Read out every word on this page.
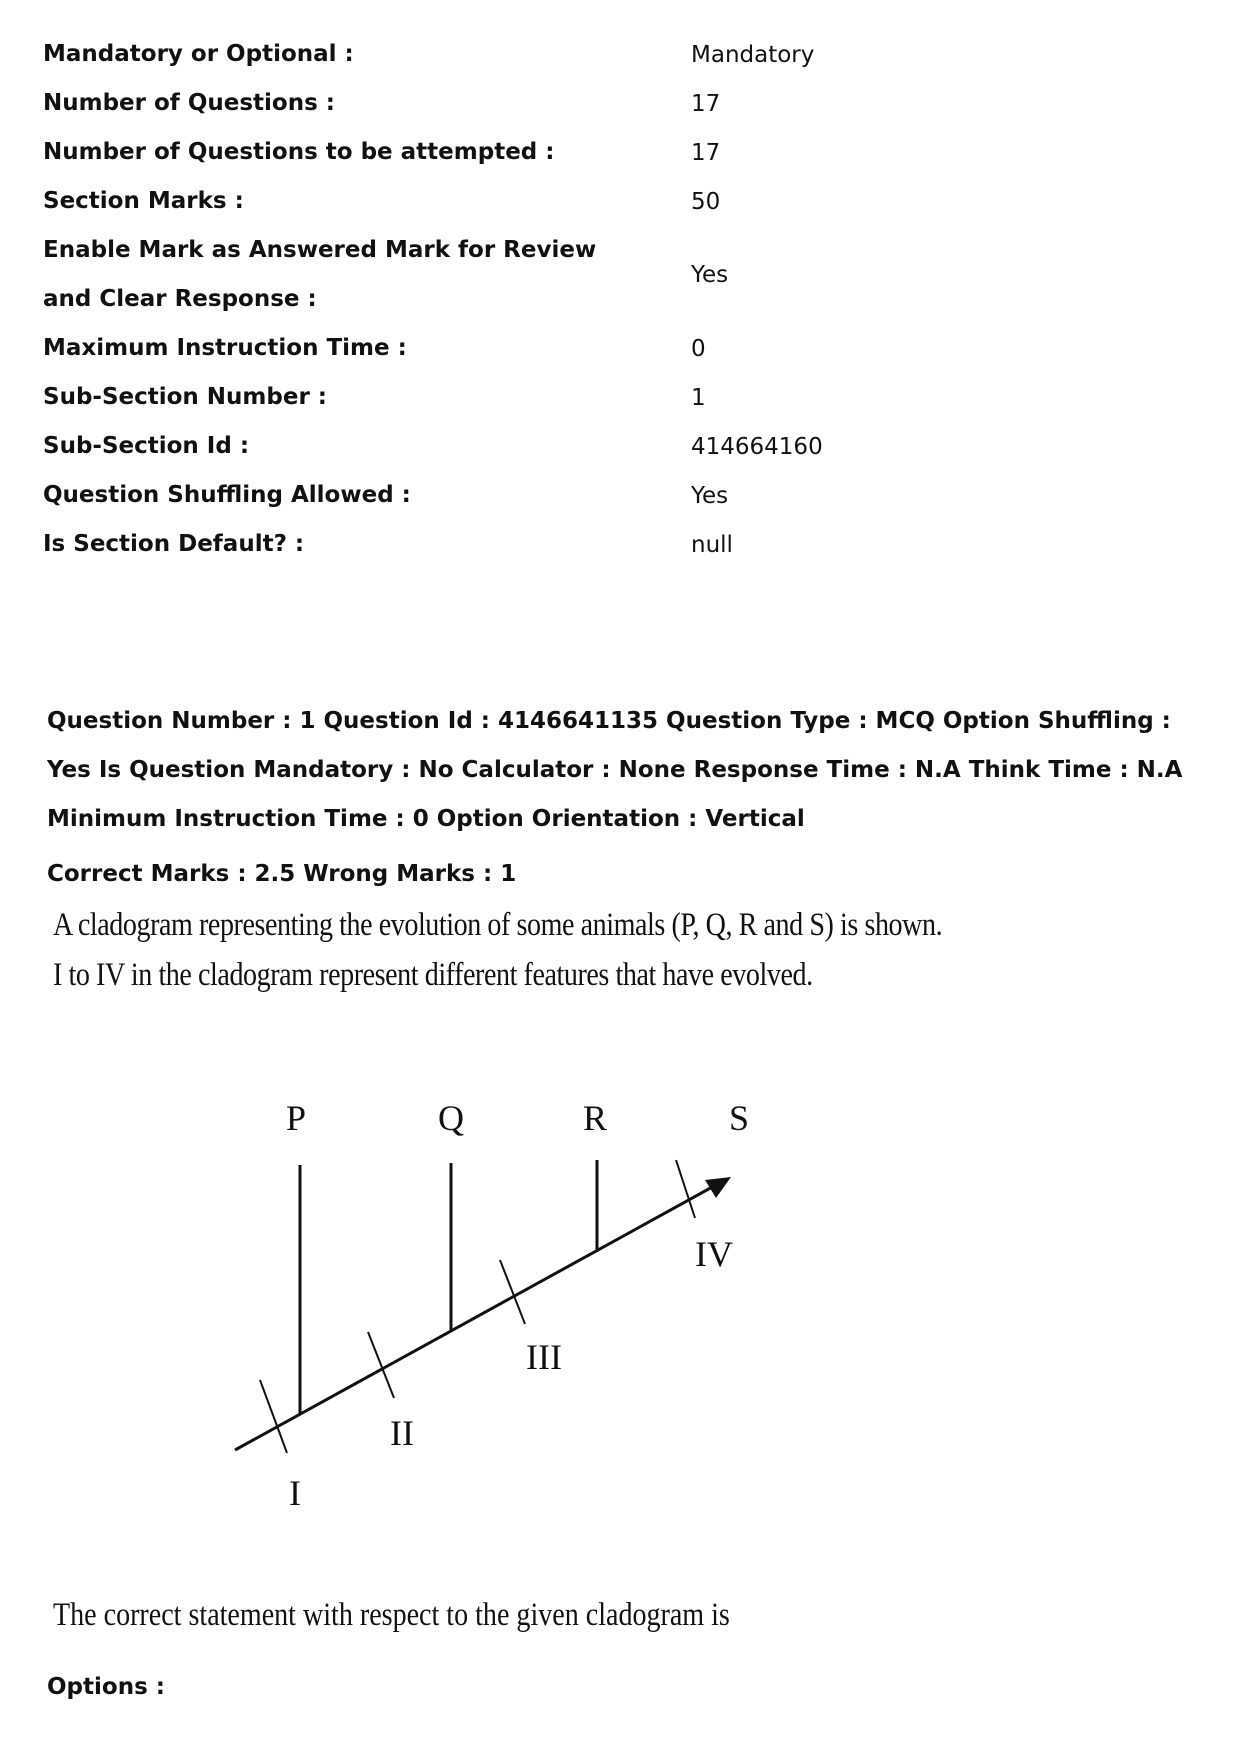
Mandatory or Optional :	Mandatory
Number of Questions :	17
Number of Questions to be attempted :	17
Section Marks :	50
Enable Mark as Answered Mark for Review and Clear Response :	Yes
Maximum Instruction Time :	0
Sub-Section Number :	1
Sub-Section Id :	414664160
Question Shuffling Allowed :	Yes
Is Section Default? :	null
Question Number : 1 Question Id : 4146641135 Question Type : MCQ Option Shuffling : Yes Is Question Mandatory : No Calculator : None Response Time : N.A Think Time : N.A Minimum Instruction Time : 0 Option Orientation : Vertical
Correct Marks : 2.5 Wrong Marks : 1
A cladogram representing the evolution of some animals (P, Q, R and S) is shown.
I to IV in the cladogram represent different features that have evolved.
P	Q	R	S
I
II
III
IV
The correct statement with respect to the given cladogram is
Options :
